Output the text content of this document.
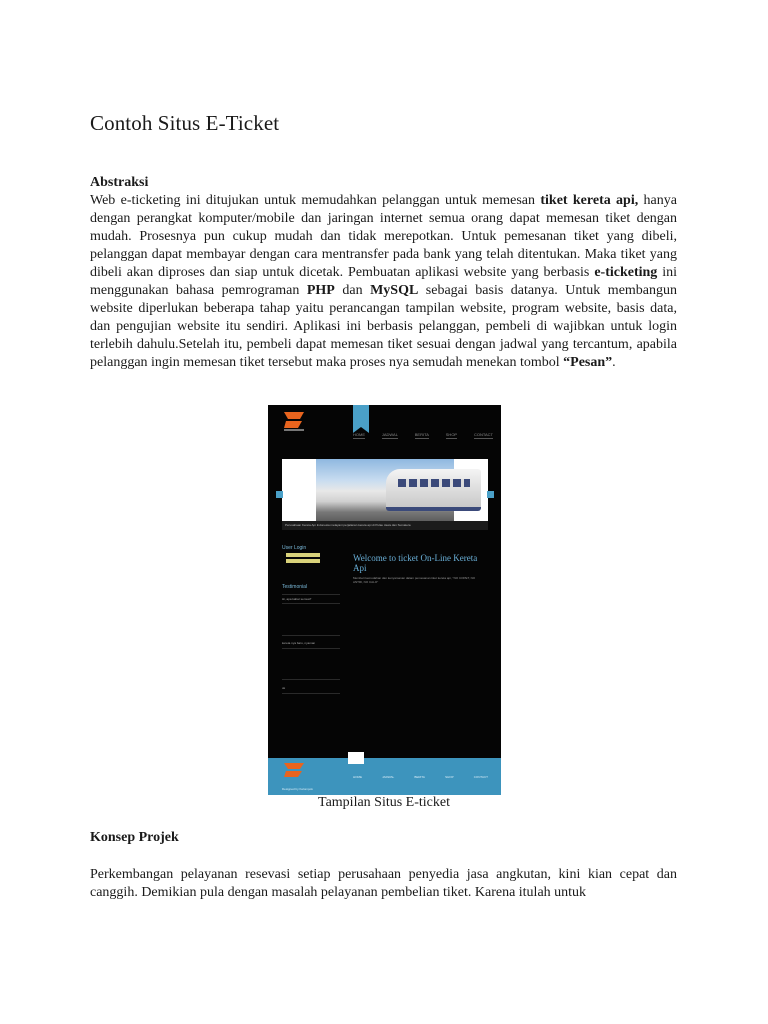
Contoh Situs E-Ticket
Abstraksi
Web e-ticketing ini ditujukan untuk memudahkan pelanggan untuk memesan tiket kereta api, hanya dengan perangkat komputer/mobile dan jaringan internet semua orang dapat memesan tiket dengan mudah. Prosesnya pun cukup mudah dan tidak merepotkan. Untuk pemesanan tiket yang dibeli, pelanggan dapat membayar dengan cara mentransfer pada bank yang telah ditentukan. Maka tiket yang dibeli akan diproses dan siap untuk dicetak. Pembuatan aplikasi website yang berbasis e-ticketing ini menggunakan bahasa pemrograman PHP dan MySQL sebagai basis datanya. Untuk membangun website diperlukan beberapa tahap yaitu perancangan tampilan website, program website, basis data, dan pengujian website itu sendiri. Aplikasi ini berbasis pelanggan, pembeli di wajibkan untuk login terlebih dahulu.Setelah itu, pembeli dapat memesan tiket sesuai dengan jadwal yang tercantum, apabila pelanggan ingin memesan tiket tersebut maka proses nya semudah menekan tombol “Pesan”.
HOME	JADWAL	BERITA	SHOP	CONTACT
Perusahaan Kereta Api Indonesia melayani perjalanan kereta api di Pulau Jawa dan Sumatera
User Login
Testimonial
Hi, apa kabar semua?
kereta nya baru, nyaman
ok
Welcome to ticket On-Line Kereta Api
Memberi kemudahan dan kenyamanan dalam pemesanan tiket kereta api, "NO COPET, NO ANTRI, NO CALO"
HOME	JADWAL	BERITA	SHOP	CONTACT
Designed by Kelompok
Tampilan Situs E-ticket
Konsep Projek
Perkembangan pelayanan resevasi setiap perusahaan penyedia jasa angkutan, kini kian cepat dan canggih. Demikian pula dengan masalah pelayanan pembelian tiket. Karena itulah untuk
